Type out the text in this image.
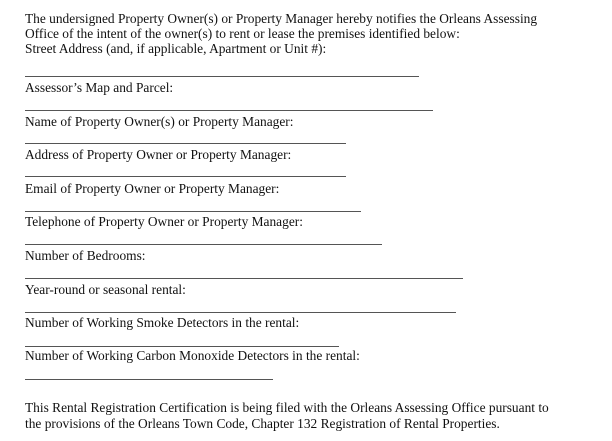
The undersigned Property Owner(s) or Property Manager hereby notifies the Orleans Assessing
Office of the intent of the owner(s) to rent or lease the premises identified below:
Street Address (and, if applicable, Apartment or Unit #):
Assessor’s Map and Parcel:
Name of Property Owner(s) or Property Manager:
Address of Property Owner or Property Manager:
Email of Property Owner or Property Manager:
Telephone of Property Owner or Property Manager:
Number of Bedrooms:
Year-round or seasonal rental:
Number of Working Smoke Detectors in the rental:
Number of Working Carbon Monoxide Detectors in the rental:
This Rental Registration Certification is being filed with the Orleans Assessing Office pursuant to
the provisions of the Orleans Town Code, Chapter 132 Registration of Rental Properties.
